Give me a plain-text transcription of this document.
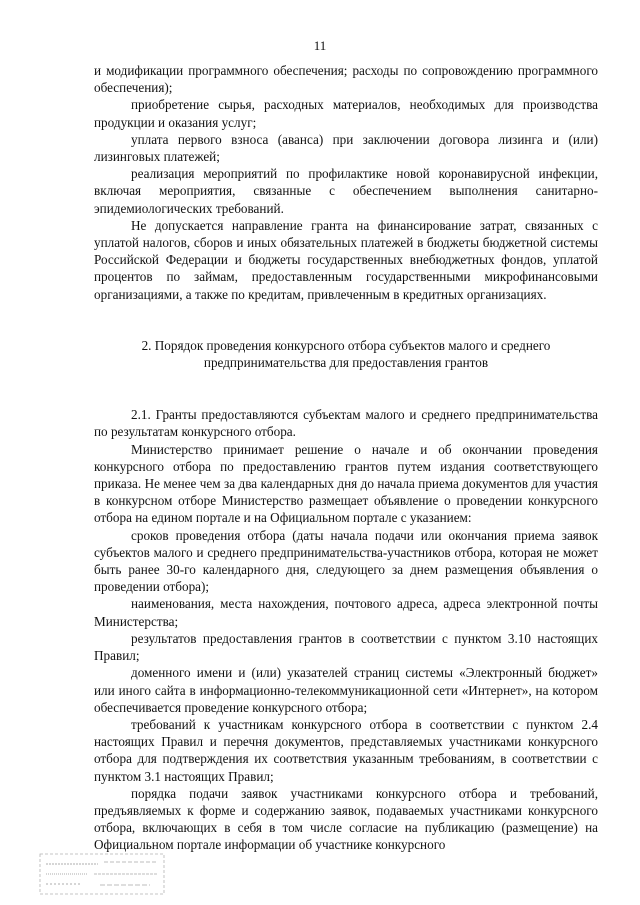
11

и модификации программного обеспечения; расходы по сопровождению программного обеспечения);

приобретение сырья, расходных материалов, необходимых для производства продукции и оказания услуг;

уплата первого взноса (аванса) при заключении договора лизинга и (или) лизинговых платежей;

реализация мероприятий по профилактике новой коронавирусной инфекции, включая мероприятия, связанные с обеспечением выполнения санитарно-эпидемиологических требований.

Не допускается направление гранта на финансирование затрат, связанных с уплатой налогов, сборов и иных обязательных платежей в бюджеты бюджетной системы Российской Федерации и бюджеты государственных внебюджетных фондов, уплатой процентов по займам, предоставленным государственными микрофинансовыми организациями, а также по кредитам, привлеченным в кредитных организациях.

2. Порядок проведения конкурсного отбора субъектов малого и среднего предпринимательства для предоставления грантов

2.1. Гранты предоставляются субъектам малого и среднего предпринимательства по результатам конкурсного отбора.

Министерство принимает решение о начале и об окончании проведения конкурсного отбора по предоставлению грантов путем издания соответствующего приказа. Не менее чем за два календарных дня до начала приема документов для участия в конкурсном отборе Министерство размещает объявление о проведении конкурсного отбора на едином портале и на Официальном портале с указанием:

сроков проведения отбора (даты начала подачи или окончания приема заявок субъектов малого и среднего предпринимательства-участников отбора, которая не может быть ранее 30-го календарного дня, следующего за днем размещения объявления о проведении отбора);

наименования, места нахождения, почтового адреса, адреса электронной почты Министерства;

результатов предоставления грантов в соответствии с пунктом 3.10 настоящих Правил;

доменного имени и (или) указателей страниц системы «Электронный бюджет» или иного сайта в информационно-телекоммуникационной сети «Интернет», на котором обеспечивается проведение конкурсного отбора;

требований к участникам конкурсного отбора в соответствии с пунктом 2.4 настоящих Правил и перечня документов, представляемых участниками конкурсного отбора для подтверждения их соответствия указанным требованиям, в соответствии с пунктом 3.1 настоящих Правил;

порядка подачи заявок участниками конкурсного отбора и требований, предъявляемых к форме и содержанию заявок, подаваемых участниками конкурсного отбора, включающих в себя в том числе согласие на публикацию (размещение) на Официальном портале информации об участнике конкурсного
